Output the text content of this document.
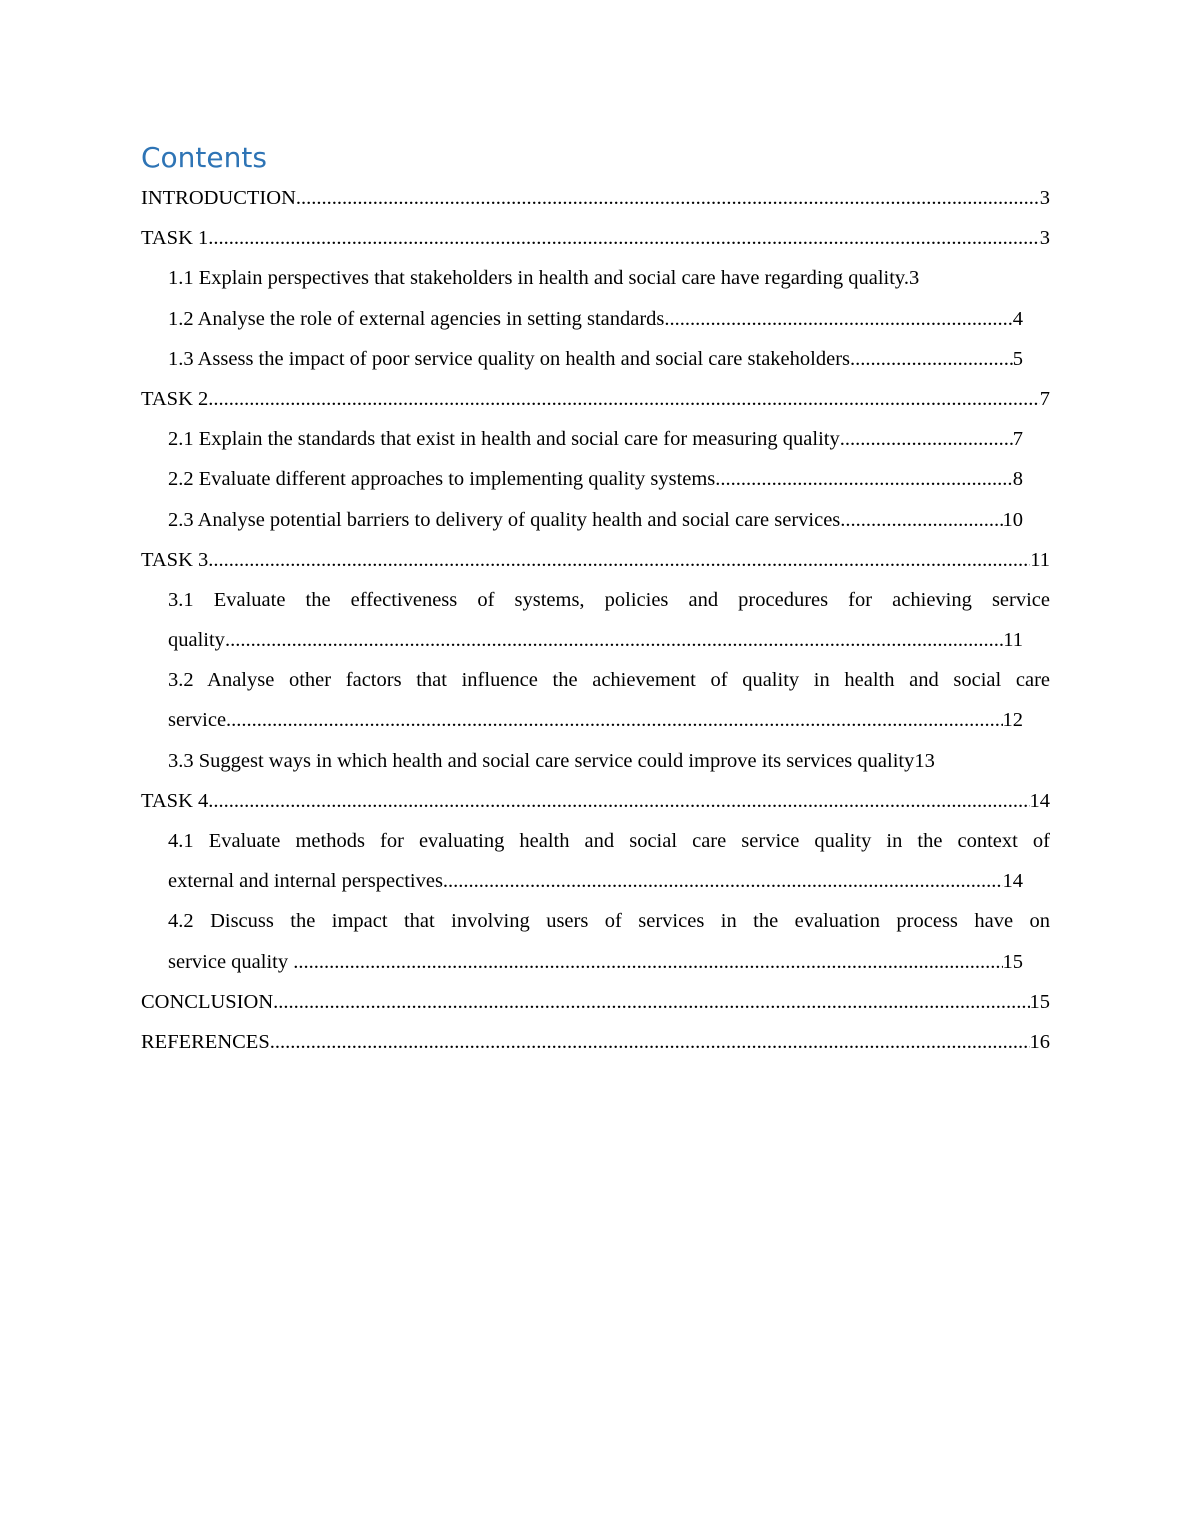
Contents
INTRODUCTION .....	3
TASK 1 .....	3
1.1 Explain perspectives that stakeholders in health and social care have regarding quality. 3
1.2 Analyse the role of external agencies in setting standards .....	4
1.3 Assess the impact of poor service quality on health and social care stakeholders .....	5
TASK 2 .....	7
2.1 Explain the standards that exist in health and social care for measuring quality .....	7
2.2 Evaluate different approaches to implementing quality systems .....	8
2.3 Analyse potential barriers to delivery of quality health and social care services .....	10
TASK 3 .....	11
3.1 Evaluate the effectiveness of systems, policies and procedures for achieving service
quality .....	11
3.2 Analyse other factors that influence the achievement of quality in health and social care
service .....	12
3.3 Suggest ways in which health and social care service could improve its services quality 13
TASK 4 .....	14
4.1 Evaluate methods for evaluating health and social care service quality in the context of
external and internal perspectives .....	14
4.2 Discuss the impact that involving users of services in the evaluation process have on
service quality .....	15
CONCLUSION .....	15
REFERENCES .....	16
